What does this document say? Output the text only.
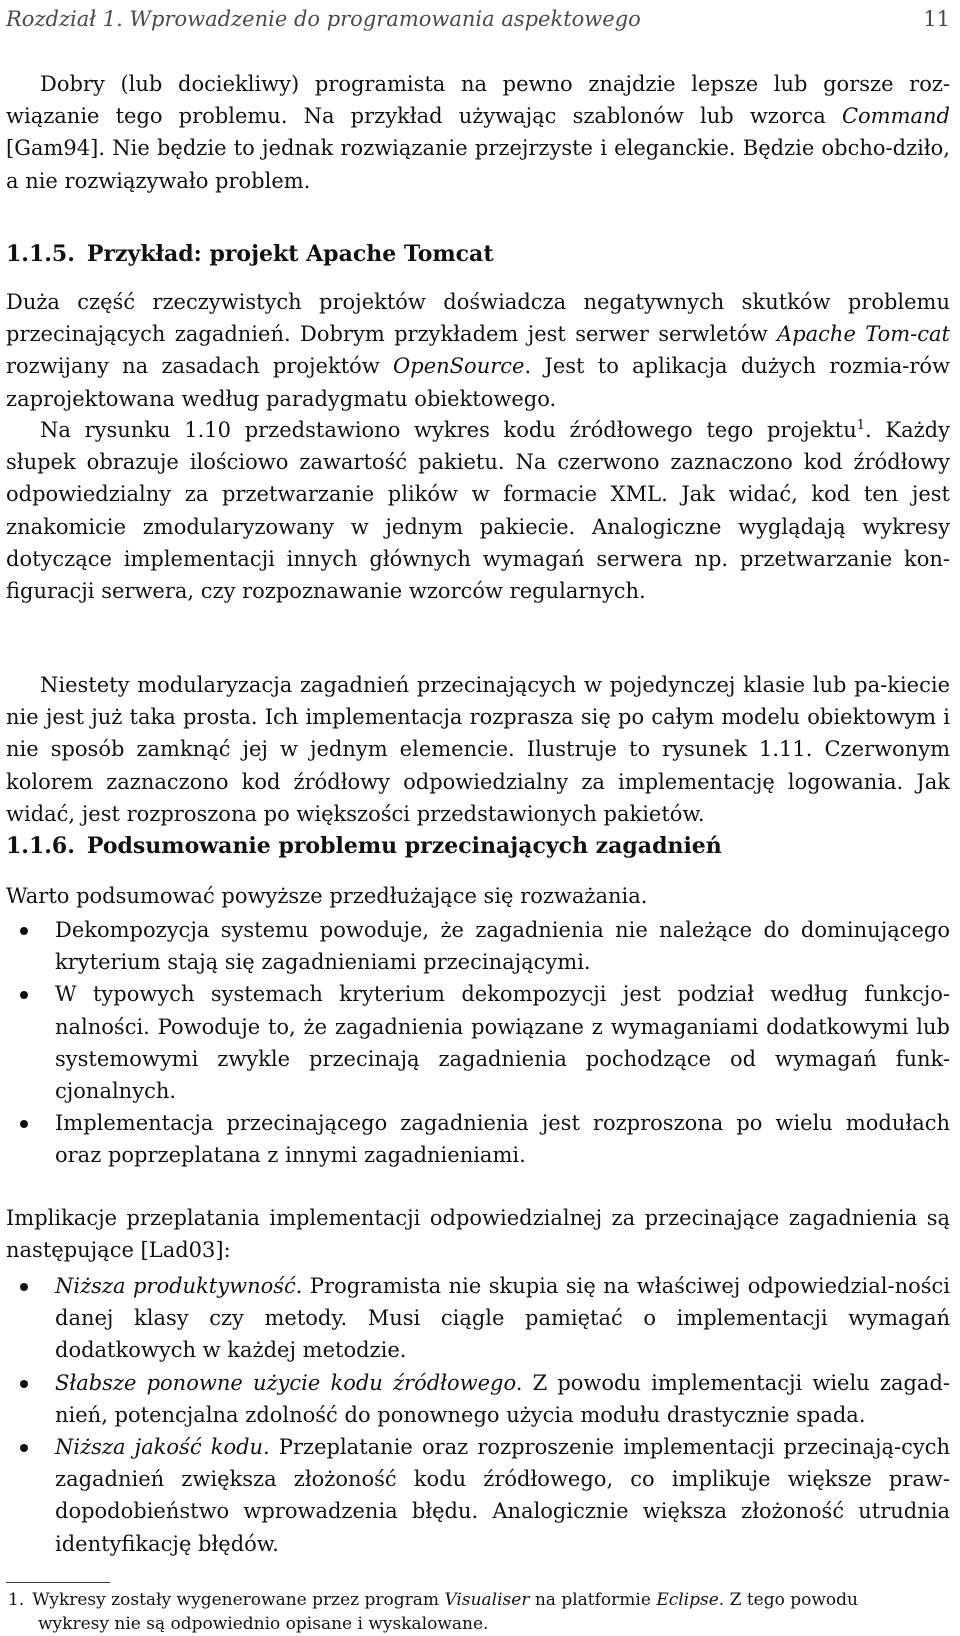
Rozdział 1. Wprowadzenie do programowania aspektowego	11
Dobry (lub dociekliwy) programista na pewno znajdzie lepsze lub gorsze roz- wiązanie tego problemu. Na przykład używając szablonów lub wzorca Command [Gam94]. Nie będzie to jednak rozwiązanie przejrzyste i eleganckie. Będzie obcho-dziło, a nie rozwiązywało problem.
1.1.5. Przykład: projekt Apache Tomcat
Duża część rzeczywistych projektów doświadcza negatywnych skutków problemu przecinających zagadnień. Dobrym przykładem jest serwer serwletów Apache Tom-cat rozwijany na zasadach projektów OpenSource. Jest to aplikacja dużych rozmia-rów zaprojektowana według paradygmatu obiektowego.
Na rysunku 1.10 przedstawiono wykres kodu źródłowego tego projektu$^1$. Każdy słupek obrazuje ilościowo zawartość pakietu. Na czerwono zaznaczono kod źródłowy odpowiedzialny za przetwarzanie plików w formacie XML. Jak widać, kod ten jest znakomicie zmodularyzowany w jednym pakiecie. Analogiczne wyglądają wykresy dotyczące implementacji innych głównych wymagań serwera np. przetwarzanie kon-figuracji serwera, czy rozpoznawanie wzorców regularnych.
Niestety modularyzacja zagadnień przecinających w pojedynczej klasie lub pa-kiecie nie jest już taka prosta. Ich implementacja rozprasza się po całym modelu obiektowym i nie sposób zamknąć jej w jednym elemencie. Ilustruje to rysunek 1.11. Czerwonym kolorem zaznaczono kod źródłowy odpowiedzialny za implementację logowania. Jak widać, jest rozproszona po większości przedstawionych pakietów.
1.1.6. Podsumowanie problemu przecinających zagadnień
Warto podsumować powyższe przedłużające się rozważania.
Dekompozycja systemu powoduje, że zagadnienia nie należące do dominującego kryterium stają się zagadnieniami przecinającymi.
W typowych systemach kryterium dekompozycji jest podział według funkcjo-nalności. Powoduje to, że zagadnienia powiązane z wymaganiami dodatkowymi lub systemowymi zwykle przecinają zagadnienia pochodzące od wymagań funk-cjonalnych.
Implementacja przecinającego zagadnienia jest rozproszona po wielu modułach oraz poprzeplatana z innymi zagadnieniami.
Implikacje przeplatania implementacji odpowiedzialnej za przecinające zagadnienia są następujące [Lad03]:
Niższa produktywność. Programista nie skupia się na właściwej odpowiedzial-ności danej klasy czy metody. Musi ciągle pamiętać o implementacji wymagań dodatkowych w każdej metodzie.
Słabsze ponowne użycie kodu źródłowego. Z powodu implementacji wielu zagad-nień, potencjalna zdolność do ponownego użycia modułu drastycznie spada.
Niższa jakość kodu. Przeplatanie oraz rozproszenie implementacji przecinają-cych zagadnień zwiększa złożoność kodu źródłowego, co implikuje większe praw-dopodobieństwo wprowadzenia błędu. Analogicznie większa złożoność utrudnia identyfikację błędów.
1. Wykresy zostały wygenerowane przez program Visualiser na platformie Eclipse. Z tego powodu
wykresy nie są odpowiednio opisane i wyskalowane.
